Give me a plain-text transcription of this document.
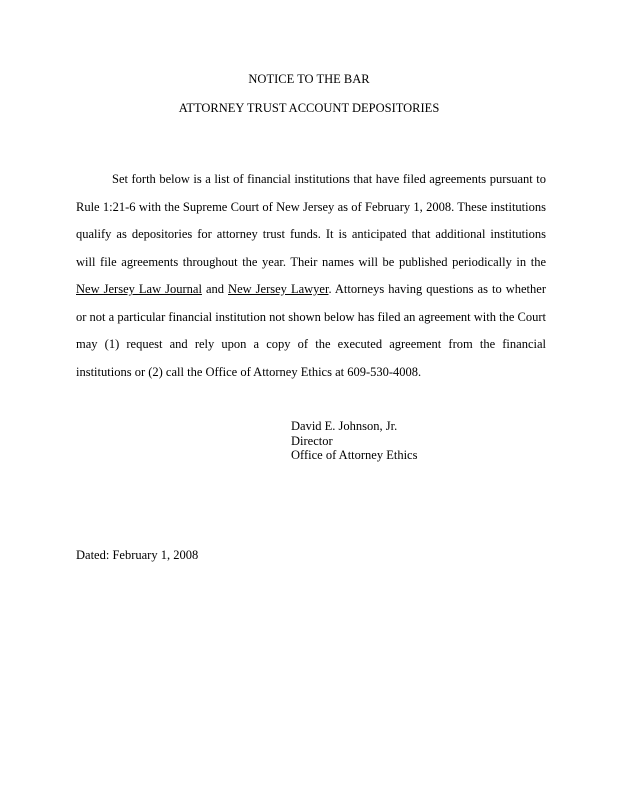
NOTICE TO THE BAR
ATTORNEY TRUST ACCOUNT DEPOSITORIES

Set forth below is a list of financial institutions that have filed agreements pursuant to Rule 1:21-6 with the Supreme Court of New Jersey as of February 1, 2008. These institutions qualify as depositories for attorney trust funds. It is anticipated that additional institutions will file agreements throughout the year. Their names will be published periodically in the New Jersey Law Journal and New Jersey Lawyer. Attorneys having questions as to whether or not a particular financial institution not shown below has filed an agreement with the Court may (1) request and rely upon a copy of the executed agreement from the financial institutions or (2) call the Office of Attorney Ethics at 609-530-4008.

David E. Johnson, Jr.
Director
Office of Attorney Ethics
Dated: February 1, 2008
